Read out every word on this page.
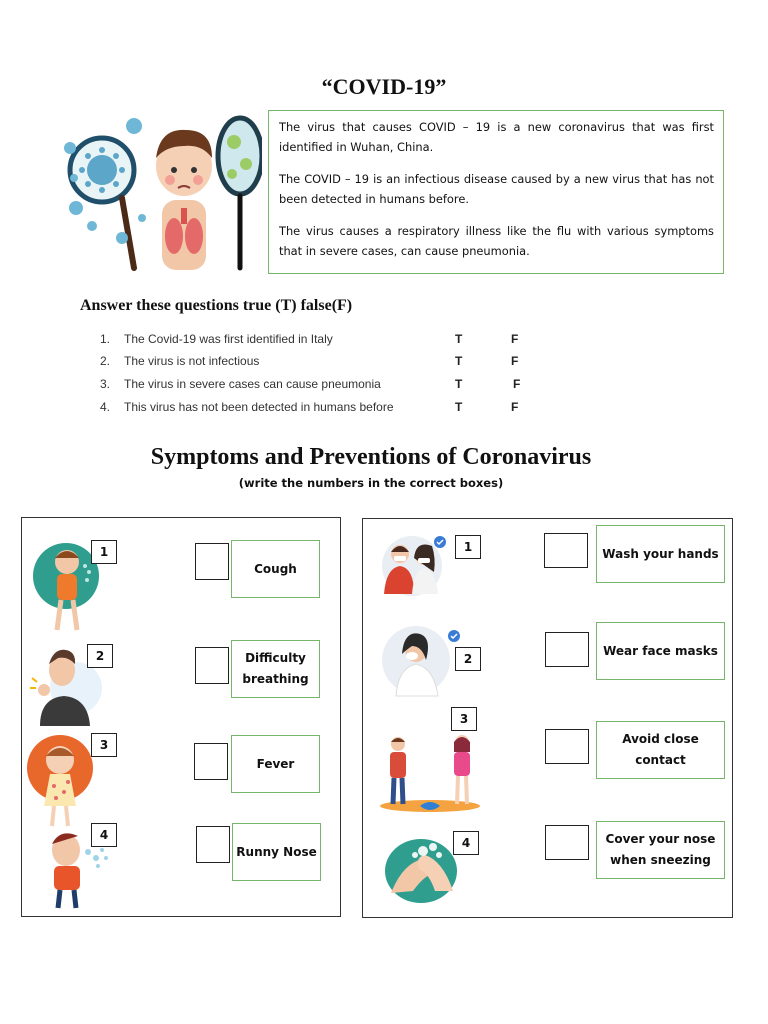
“COVID-19”

The virus that causes COVID – 19 is a new coronavirus that was first identified in Wuhan, China.

The COVID – 19 is an infectious disease caused by a new virus that has not been detected in humans before.

The virus causes a respiratory illness like the flu with various symptoms that in severe cases, can cause pneumonia.

Answer these questions true (T) false(F)
1. The Covid-19 was first identified in Italy	T	F
2. The virus is not infectious	T	F
3. The virus in severe cases can cause pneumonia	T	F
4. This virus has not been detected in humans before	T	F
Symptoms and Preventions of Coronavirus
(write the numbers in the correct boxes)
1
Cough
2	Difficulty breathing
3
Fever
4
Runny Nose
1	Wash your hands
2
Wear face masks
3
Avoid close contact
4	Cover your nose when sneezing
